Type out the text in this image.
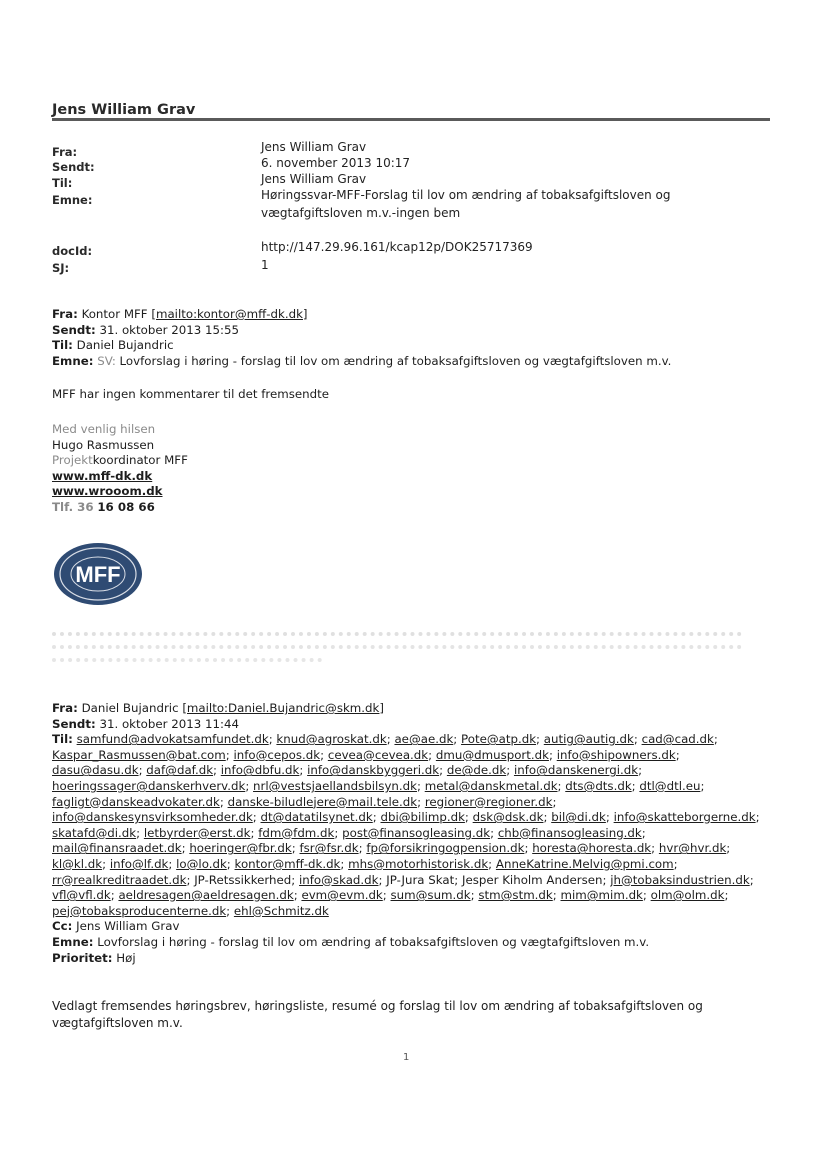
Jens William Grav
Fra:	Jens William Grav
Sendt:	6. november 2013 10:17
Til:	Jens William Grav
Emne:	Høringssvar-MFF-Forslag til lov om ændring af tobaksafgiftsloven og vægtafgiftsloven m.v.-ingen bem
docId:	http://147.29.96.161/kcap12p/DOK25717369
SJ:	1
Fra: Kontor MFF [mailto:kontor@mff-dk.dk]
Sendt: 31. oktober 2013 15:55
Til: Daniel Bujandric
Emne: SV: Lovforslag i høring - forslag til lov om ændring af tobaksafgiftsloven og vægtafgiftsloven m.v.
MFF har ingen kommentarer til det fremsendte
Med venlig hilsen
Hugo Rasmussen
Projektkoordinator MFF
www.mff-dk.dk
www.wrooom.dk
Tlf. 36 16 08 66
MFF
Fra: Daniel Bujandric [mailto:Daniel.Bujandric@skm.dk]
Sendt: 31. oktober 2013 11:44
Til: samfund@advokatsamfundet.dk; knud@agroskat.dk; ae@ae.dk; Pote@atp.dk; autig@autig.dk; cad@cad.dk; Kaspar_Rasmussen@bat.com; info@cepos.dk; cevea@cevea.dk; dmu@dmusport.dk; info@shipowners.dk; dasu@dasu.dk; daf@daf.dk; info@dbfu.dk; info@danskbyggeri.dk; de@de.dk; info@danskenergi.dk; hoeringssager@danskerhverv.dk; nrl@vestsjaellandsbilsyn.dk; metal@danskmetal.dk; dts@dts.dk; dtl@dtl.eu; fagligt@danskeadvokater.dk; danske-biludlejere@mail.tele.dk; regioner@regioner.dk; info@danskesynsvirksomheder.dk; dt@datatilsynet.dk; dbi@bilimp.dk; dsk@dsk.dk; bil@di.dk; info@skatteborgerne.dk; skatafd@di.dk; letbyrder@erst.dk; fdm@fdm.dk; post@finansogleasing.dk; chb@finansogleasing.dk; mail@finansraadet.dk; hoeringer@fbr.dk; fsr@fsr.dk; fp@forsikringogpension.dk; horesta@horesta.dk; hvr@hvr.dk; kl@kl.dk; info@lf.dk; lo@lo.dk; kontor@mff-dk.dk; mhs@motorhistorisk.dk; AnneKatrine.Melvig@pmi.com; rr@realkreditraadet.dk; JP-Retssikkerhed; info@skad.dk; JP-Jura Skat; Jesper Kiholm Andersen; jh@tobaksindustrien.dk; vfl@vfl.dk; aeldresagen@aeldresagen.dk; evm@evm.dk; sum@sum.dk; stm@stm.dk; mim@mim.dk; olm@olm.dk; pej@tobaksproducenterne.dk; ehl@Schmitz.dk
Cc: Jens William Grav
Emne: Lovforslag i høring - forslag til lov om ændring af tobaksafgiftsloven og vægtafgiftsloven m.v.
Prioritet: Høj
Vedlagt fremsendes høringsbrev, høringsliste, resumé og forslag til lov om ændring af tobaksafgiftsloven og vægtafgiftsloven m.v.
1
